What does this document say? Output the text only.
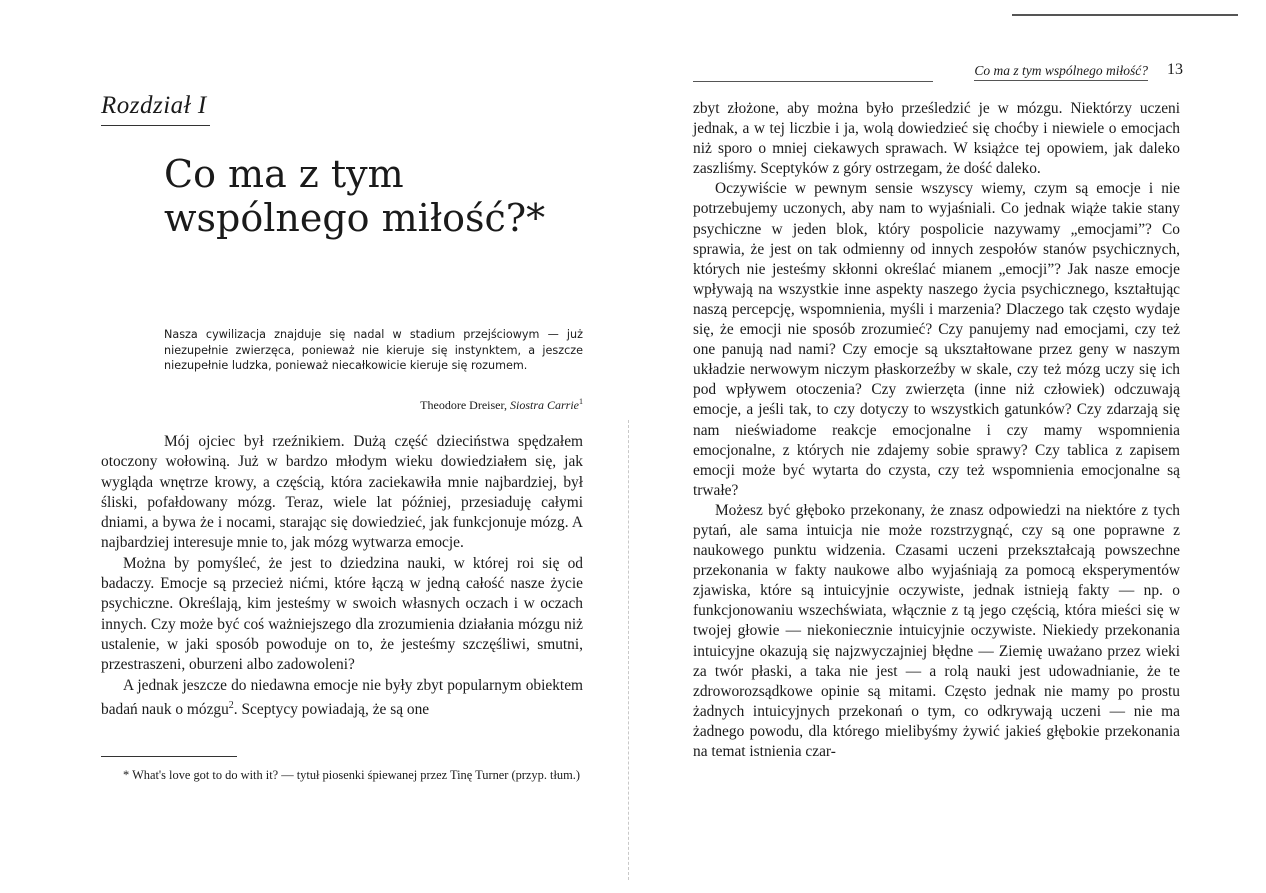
Rozdział I
Co ma z tym
wspólnego miłość?*
Nasza cywilizacja znajduje się nadal w stadium przejściowym — już niezupełnie zwierzęca, ponieważ nie kieruje się instynktem, a jeszcze niezupełnie ludzka, ponieważ niecałkowicie kieruje się rozumem.
Theodore Dreiser, Siostra Carrie$^1$

Mój ojciec był rzeźnikiem. Dużą część dzieciństwa spędzałem otoczony wołowiną. Już w bardzo młodym wieku dowiedziałem się, jak wygląda wnętrze krowy, a częścią, która zaciekawiła mnie najbardziej, był śliski, pofałdowany mózg. Teraz, wiele lat później, przesiaduję całymi dniami, a bywa że i nocami, starając się dowiedzieć, jak funkcjonuje mózg. A najbardziej interesuje mnie to, jak mózg wytwarza emocje.

Można by pomyśleć, że jest to dziedzina nauki, w której roi się od badaczy. Emocje są przecież nićmi, które łączą w jedną całość nasze życie psychiczne. Określają, kim jesteśmy w swoich własnych oczach i w oczach innych. Czy może być coś ważniejszego dla zrozumienia działania mózgu niż ustalenie, w jaki sposób powoduje on to, że jesteśmy szczęśliwi, smutni, przestraszeni, oburzeni albo zadowoleni?

A jednak jeszcze do niedawna emocje nie były zbyt popularnym obiektem badań nauk o mózgu$^2$. Sceptycy powiadają, że są one

* What's love got to do with it? — tytuł piosenki śpiewanej przez Tinę Turner (przyp. tłum.)
Co ma z tym wspólnego miłość? 13

zbyt złożone, aby można było prześledzić je w mózgu. Niektórzy uczeni jednak, a w tej liczbie i ja, wolą dowiedzieć się choćby i niewiele o emocjach niż sporo o mniej ciekawych sprawach. W książce tej opowiem, jak daleko zaszliśmy. Sceptyków z góry ostrzegam, że dość daleko.

Oczywiście w pewnym sensie wszyscy wiemy, czym są emocje i nie potrzebujemy uczonych, aby nam to wyjaśniali. Co jednak wiąże takie stany psychiczne w jeden blok, który pospolicie nazywamy „emocjami”? Co sprawia, że jest on tak odmienny od innych zespołów stanów psychicznych, których nie jesteśmy skłonni określać mianem „emocji”? Jak nasze emocje wpływają na wszystkie inne aspekty naszego życia psychicznego, kształtując naszą percepcję, wspomnienia, myśli i marzenia? Dlaczego tak często wydaje się, że emocji nie sposób zrozumieć? Czy panujemy nad emocjami, czy też one panują nad nami? Czy emocje są ukształtowane przez geny w naszym układzie nerwowym niczym płaskorzeźby w skale, czy też mózg uczy się ich pod wpływem otoczenia? Czy zwierzęta (inne niż człowiek) odczuwają emocje, a jeśli tak, to czy dotyczy to wszystkich gatunków? Czy zdarzają się nam nieświadome reakcje emocjonalne i czy mamy wspomnienia emocjonalne, z których nie zdajemy sobie sprawy? Czy tablica z zapisem emocji może być wytarta do czysta, czy też wspomnienia emocjonalne są trwałe?

Możesz być głęboko przekonany, że znasz odpowiedzi na niektóre z tych pytań, ale sama intuicja nie może rozstrzygnąć, czy są one poprawne z naukowego punktu widzenia. Czasami uczeni przekształcają powszechne przekonania w fakty naukowe albo wyjaśniają za pomocą eksperymentów zjawiska, które są intuicyjnie oczywiste, jednak istnieją fakty — np. o funkcjonowaniu wszechświata, włącznie z tą jego częścią, która mieści się w twojej głowie — niekoniecznie intuicyjnie oczywiste. Niekiedy przekonania intuicyjne okazują się najzwyczajniej błędne — Ziemię uważano przez wieki za twór płaski, a taka nie jest — a rolą nauki jest udowadnianie, że te zdroworozsądkowe opinie są mitami. Często jednak nie mamy po prostu żadnych intuicyjnych przekonań o tym, co odkrywają uczeni — nie ma żadnego powodu, dla którego mielibyśmy żywić jakieś głębokie przekonania na temat istnienia czar-
